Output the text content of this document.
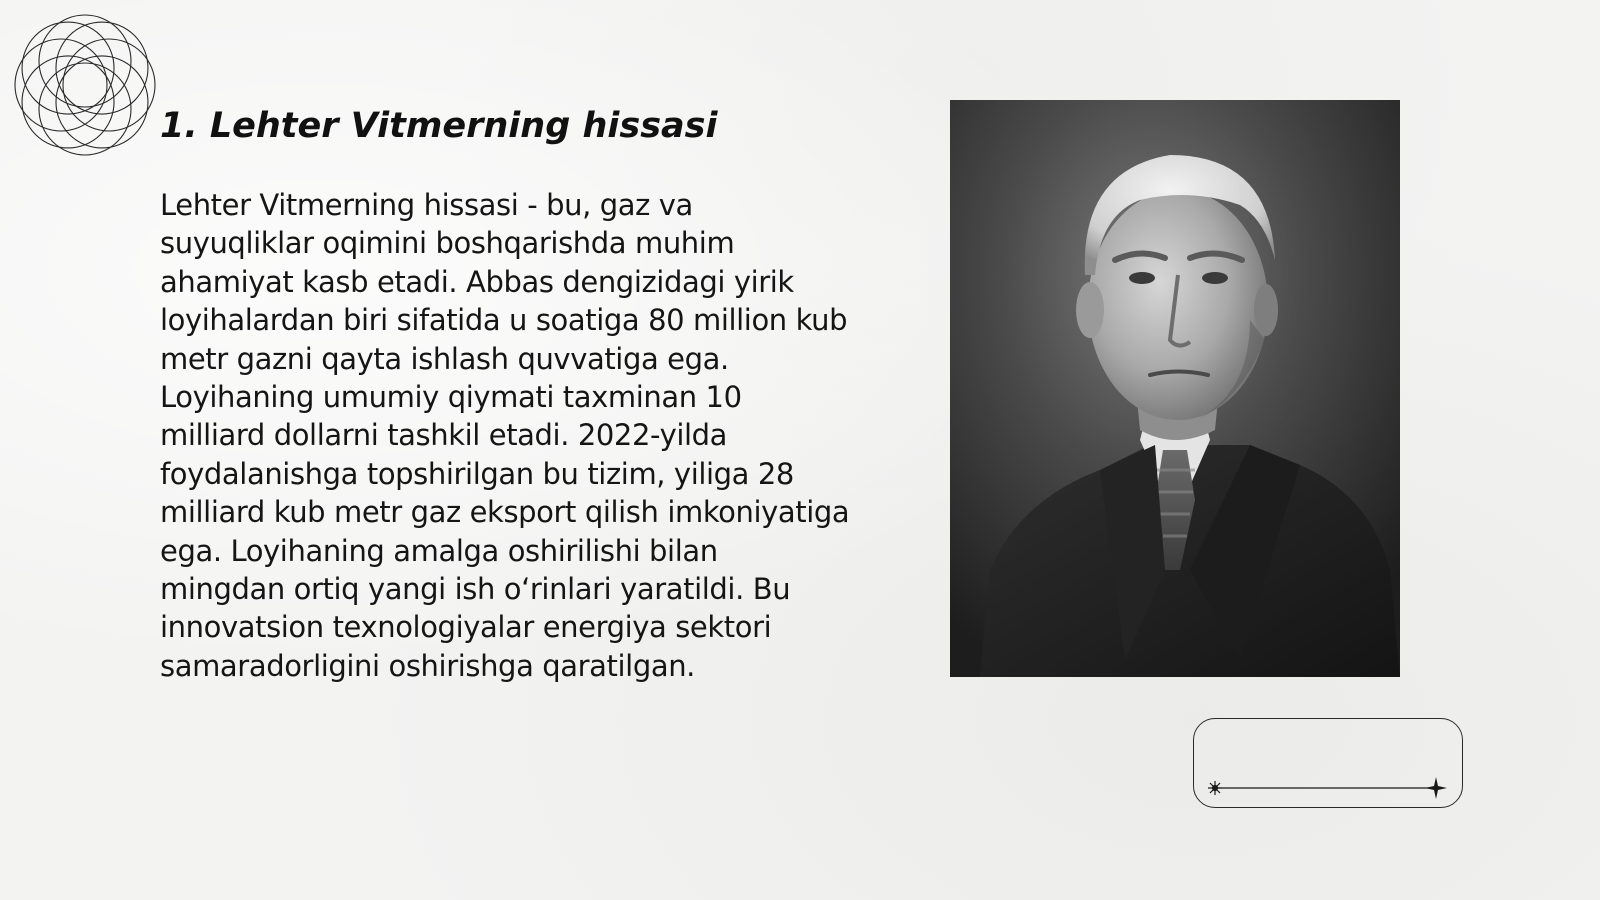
1. Lehter Vitmerning hissasi

Lehter Vitmerning hissasi - bu, gaz va suyuqliklar oqimini boshqarishda muhim ahamiyat kasb etadi. Abbas dengizidagi yirik loyihalardan biri sifatida u soatiga 80 million kub metr gazni qayta ishlash quvvatiga ega. Loyihaning umumiy qiymati taxminan 10 milliard dollarni tashkil etadi. 2022-yilda foydalanishga topshirilgan bu tizim, yiliga 28 milliard kub metr gaz eksport qilish imkoniyatiga ega. Loyihaning amalga oshirilishi bilan mingdan ortiq yangi ish oʻrinlari yaratildi. Bu innovatsion texnologiyalar energiya sektori samaradorligini oshirishga qaratilgan.
